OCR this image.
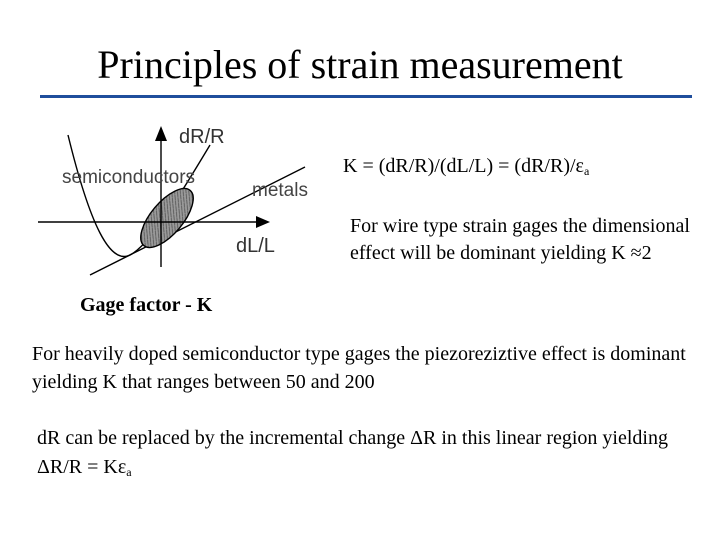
Principles of strain measurement
dR/R
semiconductors
metals
dL/L
Gage factor - K
$K = (dR/R)/(dL/L) = (dR/R)/\varepsilon_a$
For wire type strain gages the dimensional effect will be dominant yielding K ≈2
For heavily doped semiconductor type gages the piezoreziztive effect is dominant yielding K that ranges between 50 and 200
dR can be replaced by the incremental change ΔR in this linear region yielding $\Delta R/R = K\varepsilon_a$
